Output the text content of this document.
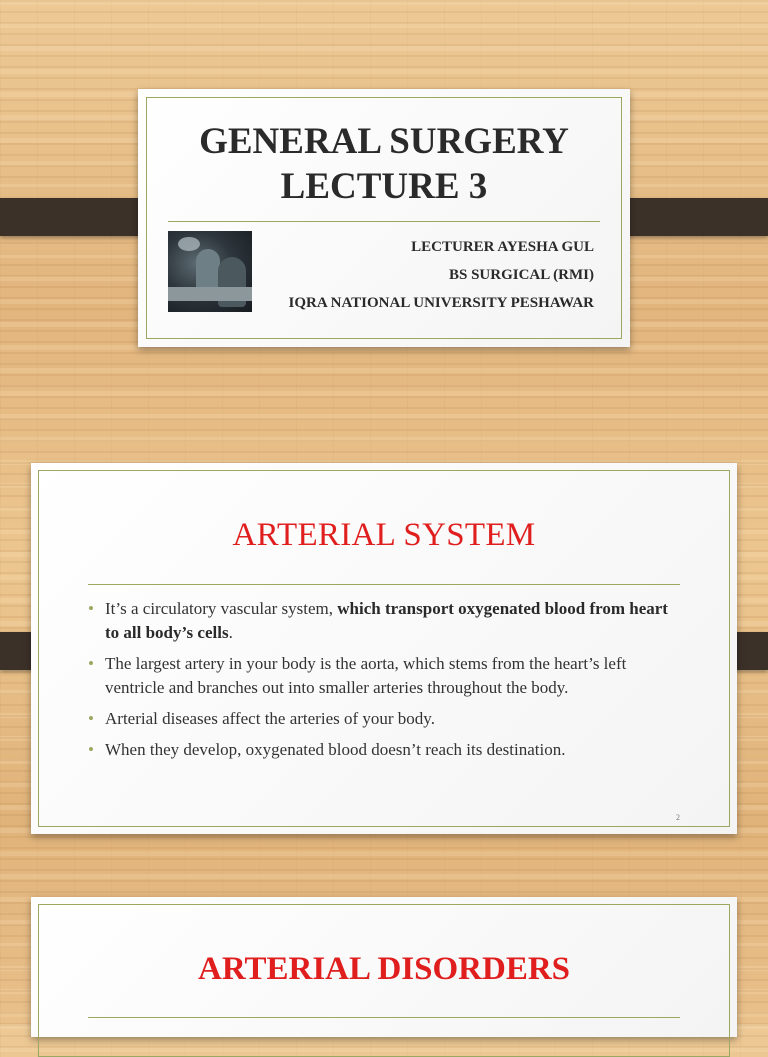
GENERAL SURGERY
LECTURE 3
LECTURER AYESHA GUL
BS SURGICAL (RMI)
IQRA NATIONAL UNIVERSITY PESHAWAR
ARTERIAL SYSTEM
• It’s a circulatory vascular system, which transport oxygenated blood from heart to all body’s cells.
• The largest artery in your body is the aorta, which stems from the heart’s left ventricle and branches out into smaller arteries throughout the body.
• Arterial diseases affect the arteries of your body.
• When they develop, oxygenated blood doesn’t reach its destination.
2
ARTERIAL DISORDERS
